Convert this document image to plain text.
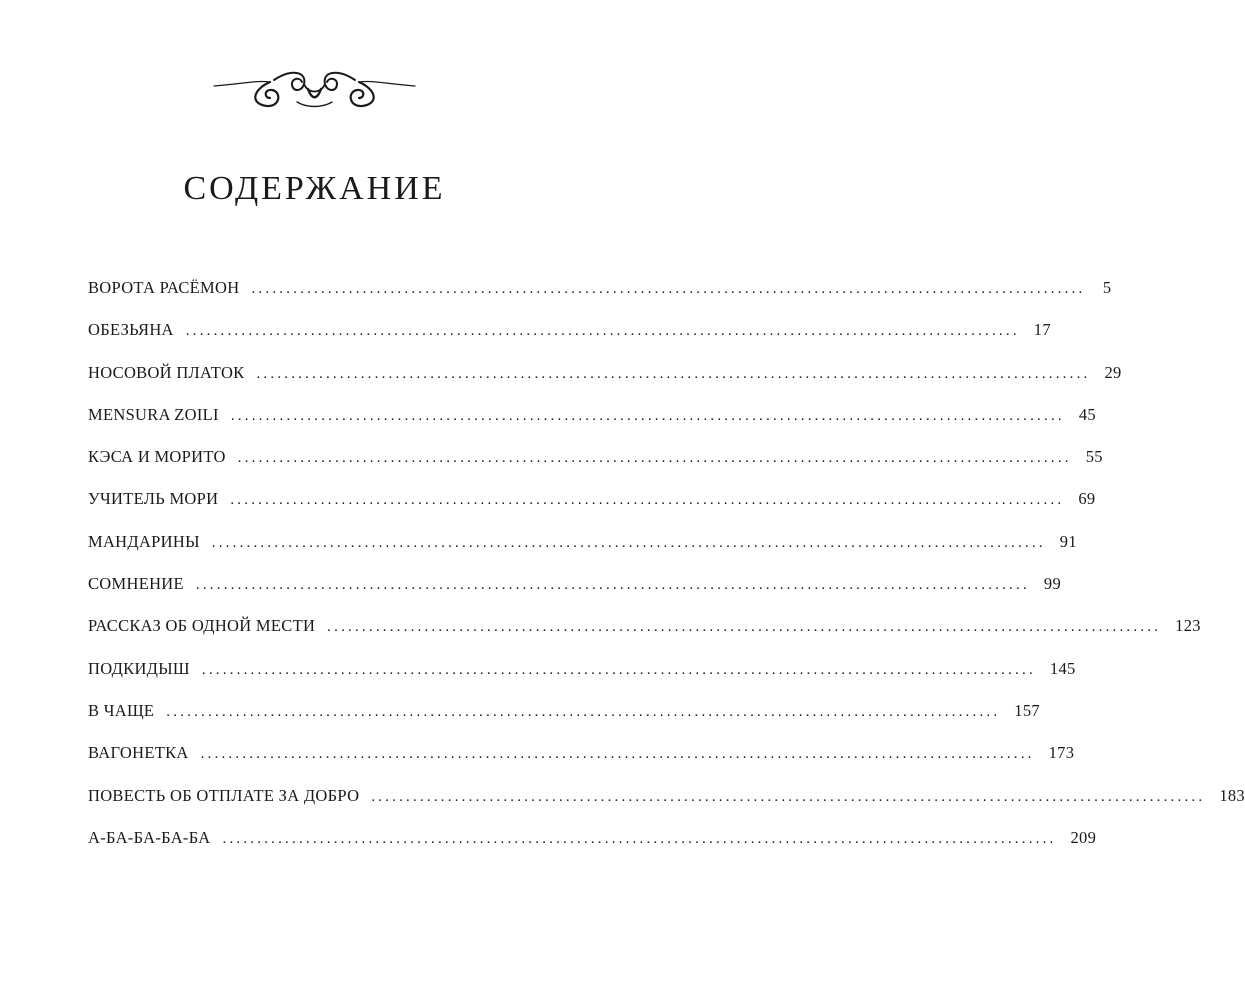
СОДЕРЖАНИЕ
ВОРОТА РАСЁМОН ........................................................................................................................ 5
ОБЕЗЬЯНА ........................................................................................................................ 17
НОСОВОЙ ПЛАТОК ........................................................................................................................ 29
MENSURA ZOILI ........................................................................................................................ 45
КЭСА И МОРИТО ........................................................................................................................ 55
УЧИТЕЛЬ МОРИ ........................................................................................................................ 69
МАНДАРИНЫ ........................................................................................................................ 91
СОМНЕНИЕ ........................................................................................................................ 99
РАССКАЗ ОБ ОДНОЙ МЕСТИ ........................................................................................................................ 123
ПОДКИДЫШ ........................................................................................................................ 145
В ЧАЩЕ ........................................................................................................................ 157
ВАГОНЕТКА ........................................................................................................................ 173
ПОВЕСТЬ ОБ ОТПЛАТЕ ЗА ДОБРО ........................................................................................................................ 183
А-БА-БА-БА-БА ........................................................................................................................ 209
